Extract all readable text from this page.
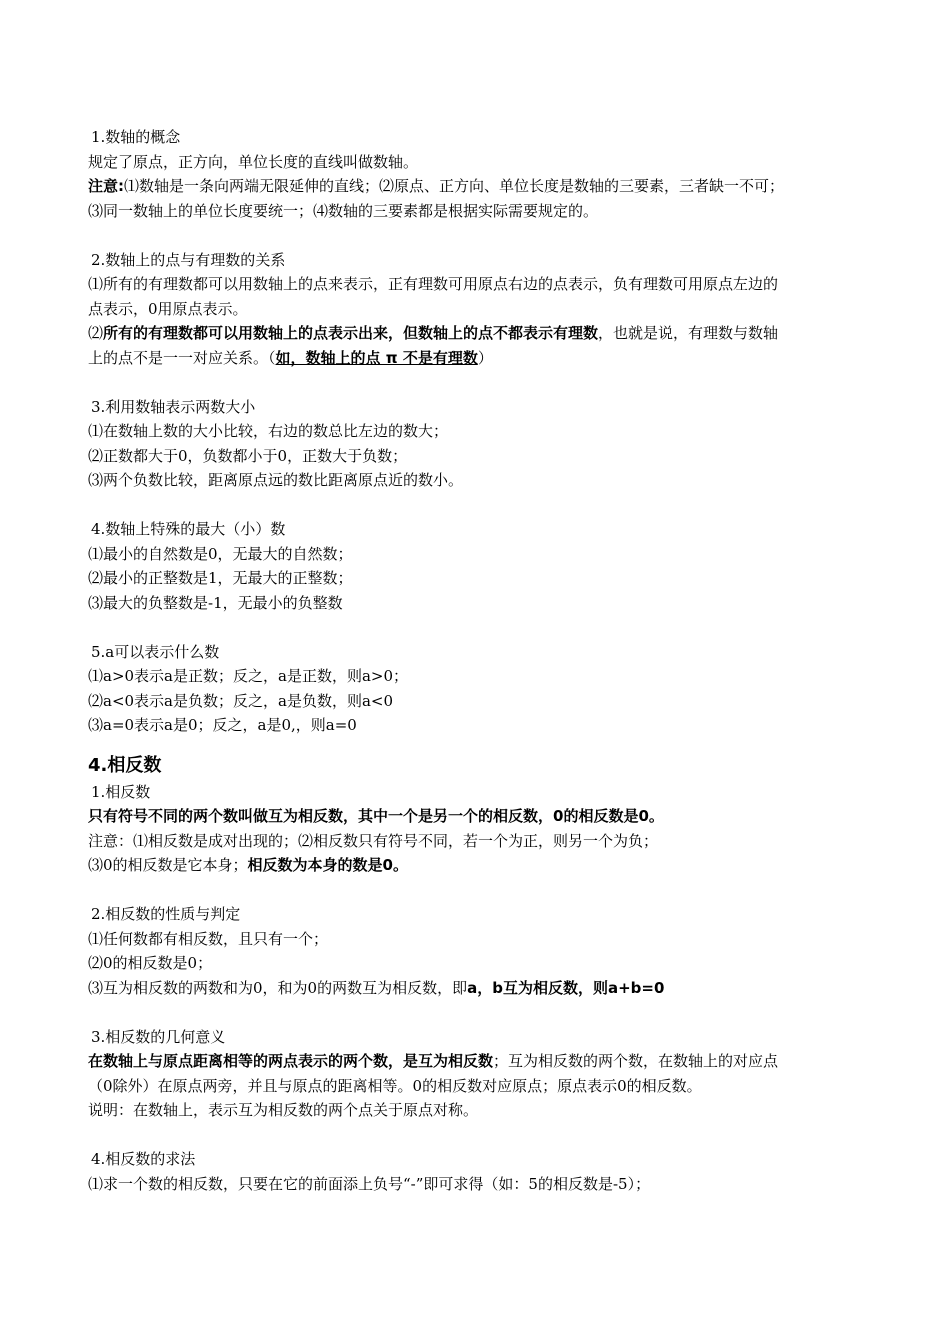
1.数轴的概念
规定了原点，正方向，单位长度的直线叫做数轴。
注意:⑴数轴是一条向两端无限延伸的直线；⑵原点、正方向、单位长度是数轴的三要素，三者缺一不可；
⑶同一数轴上的单位长度要统一；⑷数轴的三要素都是根据实际需要规定的。
2.数轴上的点与有理数的关系
⑴所有的有理数都可以用数轴上的点来表示，正有理数可用原点右边的点表示，负有理数可用原点左边的
点表示，0用原点表示。
⑵所有的有理数都可以用数轴上的点表示出来，但数轴上的点不都表示有理数，也就是说，有理数与数轴
上的点不是一一对应关系。（如，数轴上的点 π 不是有理数）
3.利用数轴表示两数大小
⑴在数轴上数的大小比较，右边的数总比左边的数大；
⑵正数都大于0，负数都小于0，正数大于负数；
⑶两个负数比较，距离原点远的数比距离原点近的数小。
4.数轴上特殊的最大（小）数
⑴最小的自然数是0，无最大的自然数；
⑵最小的正整数是1，无最大的正整数；
⑶最大的负整数是-1，无最小的负整数
5.a可以表示什么数
⑴a>0表示a是正数；反之，a是正数，则a>0；
⑵a<0表示a是负数；反之，a是负数，则a<0
⑶a=0表示a是0；反之，a是0,，则a=0
4.相反数
1.相反数
只有符号不同的两个数叫做互为相反数，其中一个是另一个的相反数，0的相反数是0。
注意：⑴相反数是成对出现的；⑵相反数只有符号不同，若一个为正，则另一个为负；
⑶0的相反数是它本身；相反数为本身的数是0。
2.相反数的性质与判定
⑴任何数都有相反数，且只有一个；
⑵0的相反数是0；
⑶互为相反数的两数和为0，和为0的两数互为相反数，即a，b互为相反数，则a+b=0
3.相反数的几何意义
在数轴上与原点距离相等的两点表示的两个数，是互为相反数；互为相反数的两个数，在数轴上的对应点
（0除外）在原点两旁，并且与原点的距离相等。0的相反数对应原点；原点表示0的相反数。
说明：在数轴上，表示互为相反数的两个点关于原点对称。
4.相反数的求法
⑴求一个数的相反数，只要在它的前面添上负号“-”即可求得（如：5的相反数是-5）；
